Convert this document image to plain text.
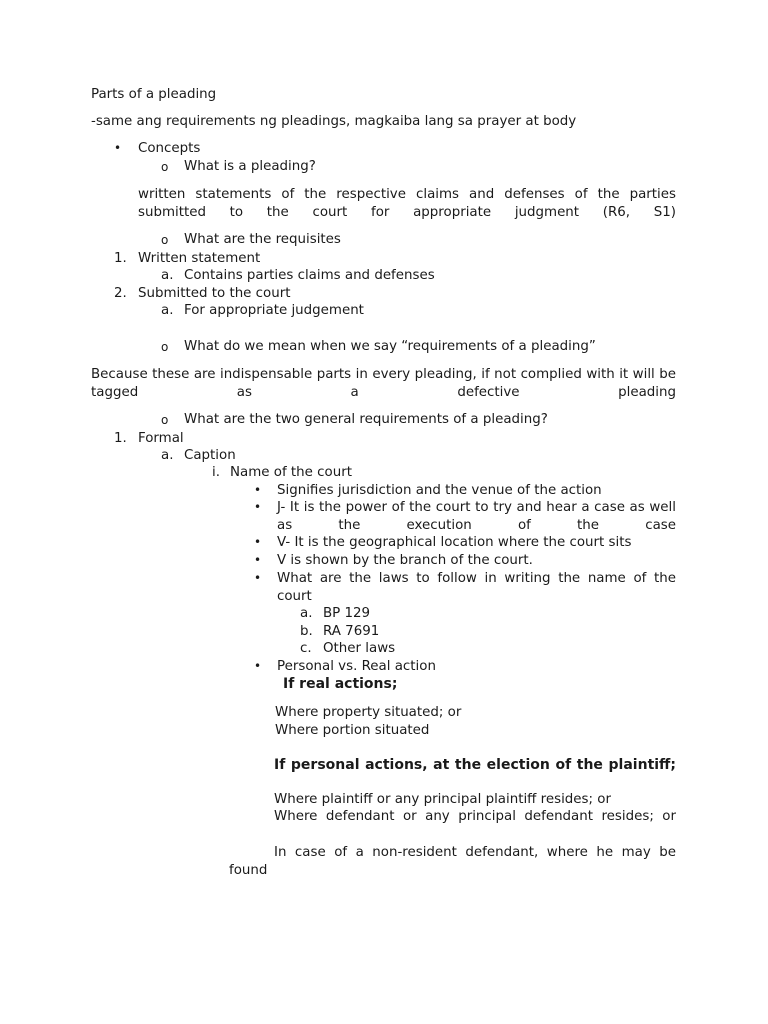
Parts of a pleading
-same ang requirements ng pleadings, magkaiba lang sa prayer at body
• Concepts
o What is a pleading?
written statements of the respective claims and defenses of the parties submitted to the court for appropriate judgment (R6, S1)
o What are the requisites
1. Written statement
a. Contains parties claims and defenses
2. Submitted to the court
a. For appropriate judgement
o What do we mean when we say “requirements of a pleading”
Because these are indispensable parts in every pleading, if not complied with it will be tagged as a defective pleading
o What are the two general requirements of a pleading?
1. Formal
a. Caption
i. Name of the court
• Signifies jurisdiction and the venue of the action
• J- It is the power of the court to try and hear a case as well as the execution of the case
• V- It is the geographical location where the court sits
• V is shown by the branch of the court.
• What are the laws to follow in writing the name of the court
a. BP 129
b. RA 7691
c. Other laws
• Personal vs. Real action
If real actions;
Where property situated; or
Where portion situated
If personal actions, at the election of the plaintiff;
Where plaintiff or any principal plaintiff resides; or
Where defendant or any principal defendant resides; or
In case of a non-resident defendant, where he may be found
